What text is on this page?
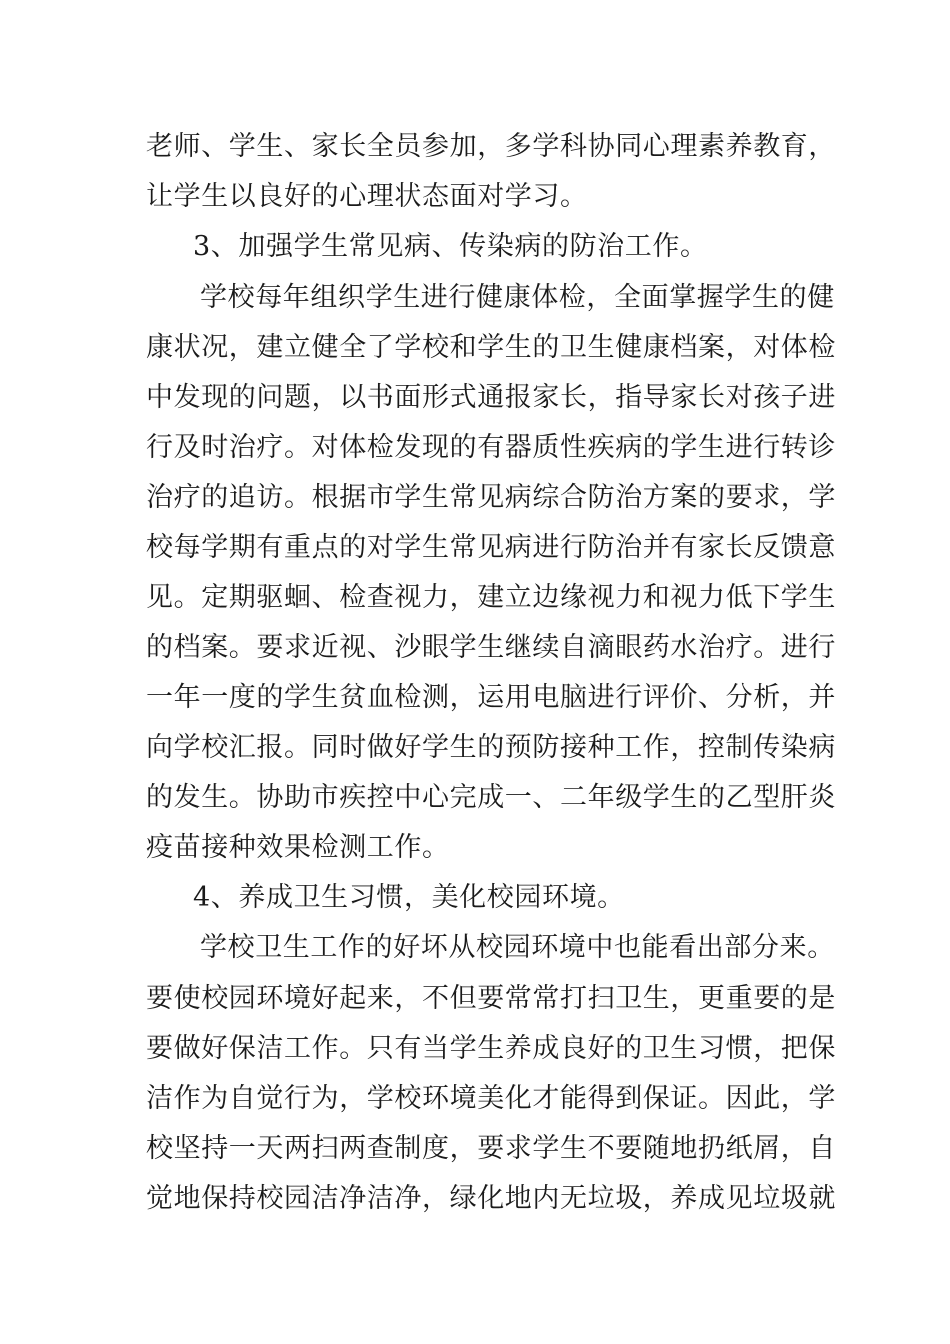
老师、学生、家长全员参加，多学科协同心理素养教育，

让学生以良好的心理状态面对学习。

3、加强学生常见病、传染病的防治工作。

学校每年组织学生进行健康体检，全面掌握学生的健

康状况，建立健全了学校和学生的卫生健康档案，对体检

中发现的问题，以书面形式通报家长，指导家长对孩子进

行及时治疗。对体检发现的有器质性疾病的学生进行转诊

治疗的追访。根据市学生常见病综合防治方案的要求，学

校每学期有重点的对学生常见病进行防治并有家长反馈意

见。定期驱蛔、检查视力，建立边缘视力和视力低下学生

的档案。要求近视、沙眼学生继续自滴眼药水治疗。进行

一年一度的学生贫血检测，运用电脑进行评价、分析，并

向学校汇报。同时做好学生的预防接种工作，控制传染病

的发生。协助市疾控中心完成一、二年级学生的乙型肝炎

疫苗接种效果检测工作。

4、养成卫生习惯，美化校园环境。

学校卫生工作的好坏从校园环境中也能看出部分来。

要使校园环境好起来，不但要常常打扫卫生，更重要的是

要做好保洁工作。只有当学生养成良好的卫生习惯，把保

洁作为自觉行为，学校环境美化才能得到保证。因此，学

校坚持一天两扫两查制度，要求学生不要随地扔纸屑，自

觉地保持校园洁净洁净，绿化地内无垃圾，养成见垃圾就
